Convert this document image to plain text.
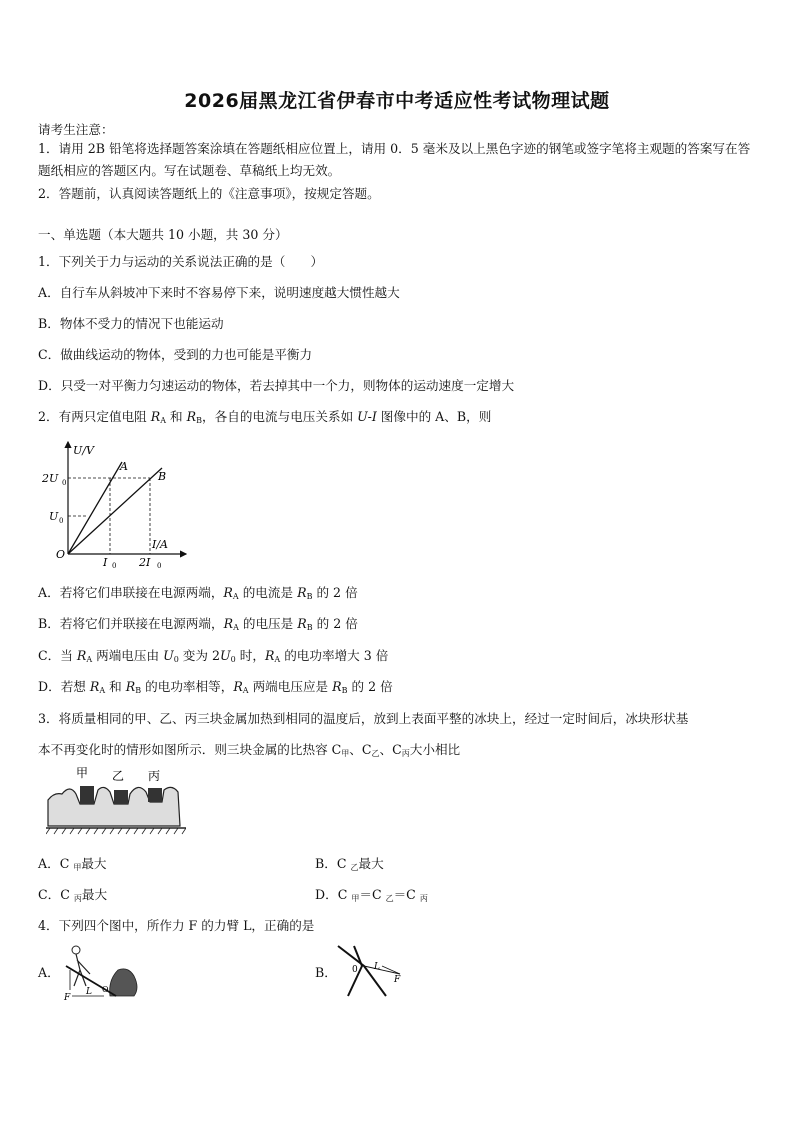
2026届黑龙江省伊春市中考适应性考试物理试题
请考生注意：
1．请用 2B 铅笔将选择题答案涂填在答题纸相应位置上，请用 0．5 毫米及以上黑色字迹的钢笔或签字笔将主观题的答案写在答题纸相应的答题区内。写在试题卷、草稿纸上均无效。
2．答题前，认真阅读答题纸上的《注意事项》，按规定答题。
一、单选题（本大题共 10 小题，共 30 分）
1．下列关于力与运动的关系说法正确的是（　　）
A．自行车从斜坡冲下来时不容易停下来，说明速度越大惯性越大
B．物体不受力的情况下也能运动
C．做曲线运动的物体，受到的力也可能是平衡力
D．只受一对平衡力匀速运动的物体，若去掉其中一个力，则物体的运动速度一定增大
2．有两只定值电阻 $R_A$ 和 $R_B$，各自的电流与电压关系如 U-I 图像中的 A、B，则
U/V
I/A
2U 0
U 0
I 0 2I 0
O
A
B
A．若将它们串联接在电源两端，$R_A$ 的电流是 $R_B$ 的 2 倍
B．若将它们并联接在电源两端，$R_A$ 的电压是 $R_B$ 的 2 倍
C．当 $R_A$ 两端电压由 $U_0$ 变为 $2U_0$ 时，$R_A$ 的电功率增大 3 倍
D．若想 $R_A$ 和 $R_B$ 的电功率相等，$R_A$ 两端电压应是 $R_B$ 的 2 倍
3．将质量相同的甲、乙、丙三块金属加热到相同的温度后，放到上表面平整的冰块上，经过一定时间后，冰块形状基
本不再变化时的情形如图所示．则三块金属的比热容 $C_甲$、$C_乙$、$C_丙$大小相比
甲 乙 丙
A．C $_甲$最大	B．C $_乙$最大
C．C $_丙$最大	D．C $_甲$＝C $_乙$＝C $_丙$
4．下列四个图中，所作力 F 的力臂 L，正确的是
A．
F
L O
B． 0 L
F
